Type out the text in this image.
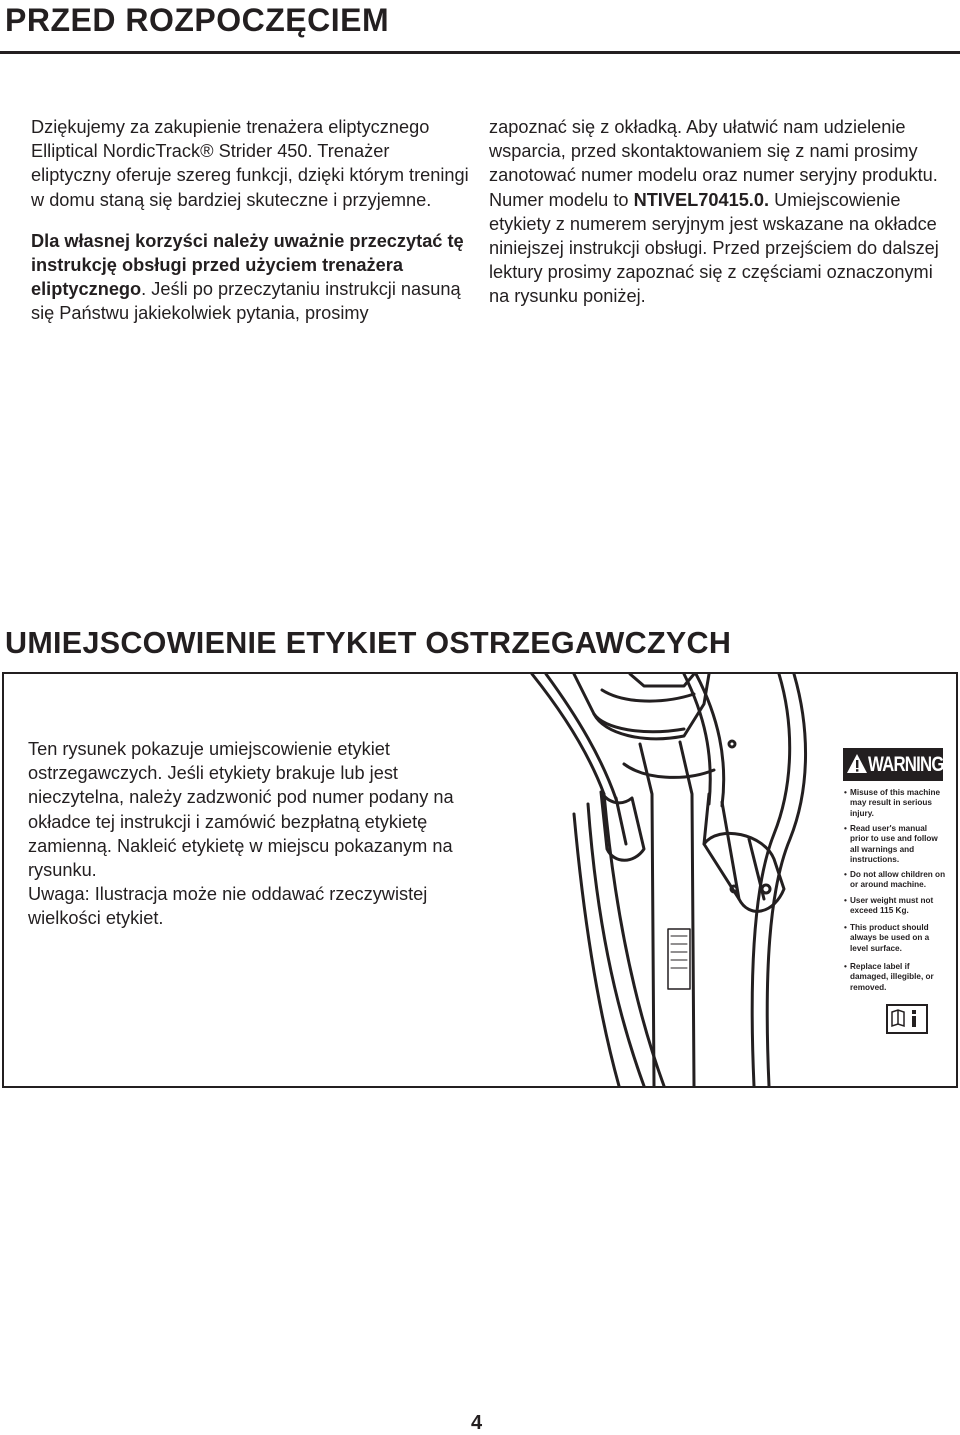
PRZED ROZPOCZĘCIEM

Dziękujemy za zakupienie trenażera eliptycznego Elliptical NordicTrack® Strider 450. Trenażer eliptyczny oferuje szereg funkcji, dzięki którym treningi w domu staną się bardziej skuteczne i przyjemne.

Dla własnej korzyści należy uważnie przeczytać tę instrukcję obsługi przed użyciem trenażera eliptycznego. Jeśli po przeczytaniu instrukcji nasuną się Państwu jakiekolwiek pytania, prosimy

zapoznać się z okładką. Aby ułatwić nam udzielenie wsparcia, przed skontaktowaniem się z nami prosimy zanotować numer modelu oraz numer seryjny produktu. Numer modelu to NTIVEL70415.0. Umiejscowienie etykiety z numerem seryjnym jest wskazane na okładce niniejszej instrukcji obsługi. Przed przejściem do dalszej lektury prosimy zapoznać się z częściami oznaczonymi na rysunku poniżej.

UMIEJSCOWIENIE ETYKIET OSTRZEGAWCZYCH

Ten rysunek pokazuje umiejscowienie etykiet ostrzegawczych. Jeśli etykiety brakuje lub jest nieczytelna, należy zadzwonić pod numer podany na okładce tej instrukcji i zamówić bezpłatną etykietę zamienną. Naklеić etykietę w miejscu pokazanym na rysunku.
Uwaga: Ilustracja może nie oddawać rzeczywistej wielkości etykiet.

WARNING

• Misuse of this machine may result in serious injury.

• Read user's manual prior to use and follow all warnings and instructions.

• Do not allow children on or around machine.

• User weight must not exceed 115 Kg.

• This product should always be used on a level surface.

• Replace label if damaged, illegible, or removed.

4
